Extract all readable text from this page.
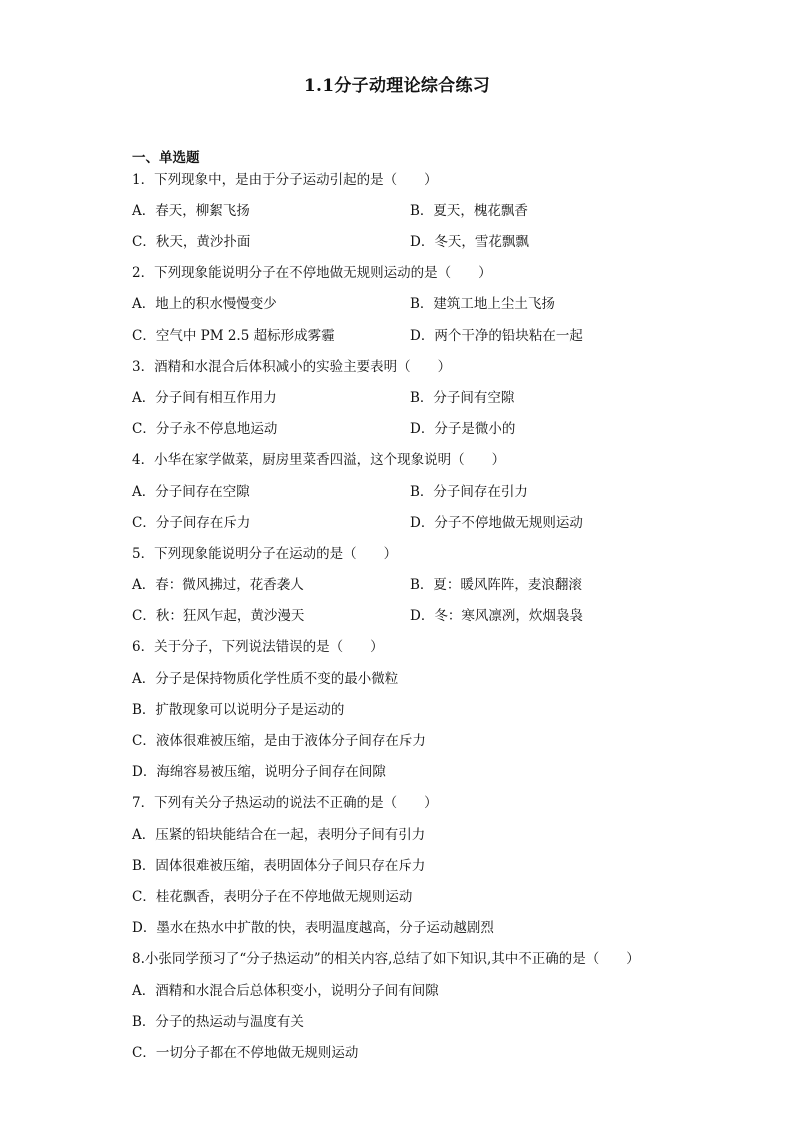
1.1分子动理论综合练习
一、单选题
1．下列现象中，是由于分子运动引起的是（　　）
A．春天，柳絮飞扬	B．夏天，槐花飘香
C．秋天，黄沙扑面	D．冬天，雪花飘飘
2．下列现象能说明分子在不停地做无规则运动的是（　　）
A．地上的积水慢慢变少	B．建筑工地上尘土飞扬
C．空气中 PM 2.5 超标形成雾霾	D．两个干净的铅块粘在一起
3．酒精和水混合后体积减小的实验主要表明（　　）
A．分子间有相互作用力	B．分子间有空隙
C．分子永不停息地运动	D．分子是微小的
4．小华在家学做菜，厨房里菜香四溢，这个现象说明（　　）
A．分子间存在空隙	B．分子间存在引力
C．分子间存在斥力	D．分子不停地做无规则运动
5．下列现象能说明分子在运动的是（　　）
A．春：微风拂过，花香袭人	B．夏：暖风阵阵，麦浪翻滚
C．秋：狂风乍起，黄沙漫天	D．冬：寒风凛冽，炊烟袅袅
6．关于分子，下列说法错误的是（　　）
A．分子是保持物质化学性质不变的最小微粒
B．扩散现象可以说明分子是运动的
C．液体很难被压缩，是由于液体分子间存在斥力
D．海绵容易被压缩，说明分子间存在间隙
7．下列有关分子热运动的说法不正确的是（　　）
A．压紧的铅块能结合在一起，表明分子间有引力
B．固体很难被压缩，表明固体分子间只存在斥力
C．桂花飘香，表明分子在不停地做无规则运动
D．墨水在热水中扩散的快，表明温度越高，分子运动越剧烈
8.小张同学预习了“分子热运动”的相关内容,总结了如下知识,其中不正确的是（　　）
A．酒精和水混合后总体积变小，说明分子间有间隙
B．分子的热运动与温度有关
C．一切分子都在不停地做无规则运动
